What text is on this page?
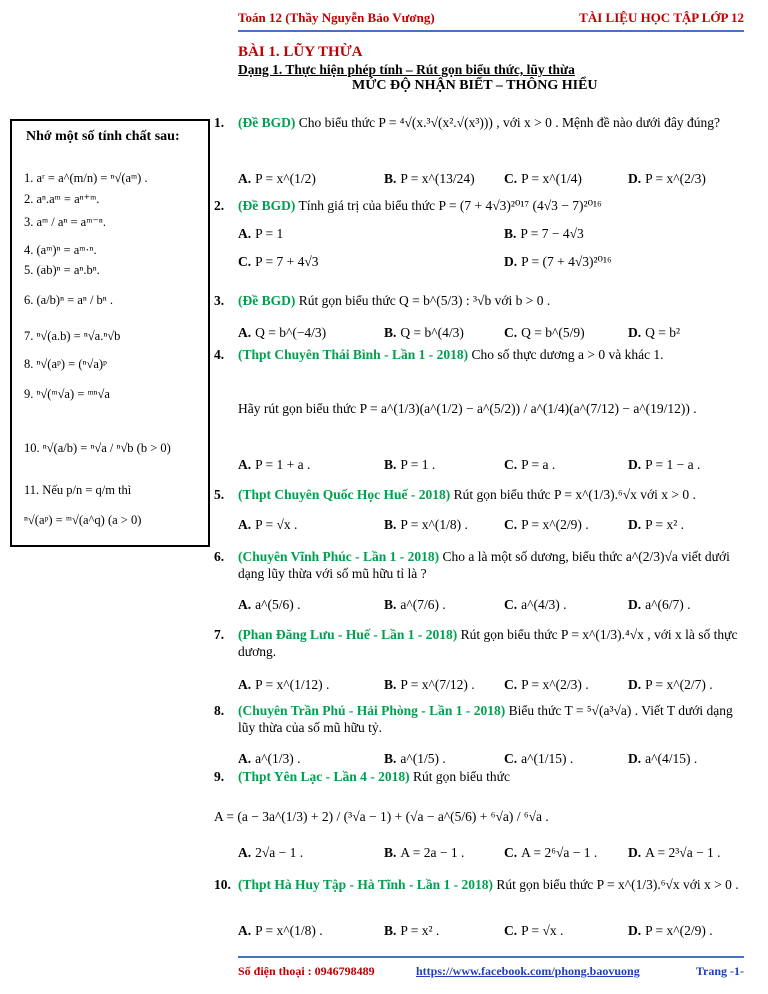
Toán 12 (Thầy Nguyễn Bảo Vương)	TÀI LIỆU HỌC TẬP LỚP 12
BÀI 1. LŨY THỪA
Dạng 1. Thực hiện phép tính – Rút gọn biểu thức, lũy thừa
MỨC ĐỘ NHẬN BIẾT – THÔNG HIỂU
Nhớ một số tính chất sau:
1. aʳ = a^(m/n) = ⁿ√(aᵐ) .
2. aⁿ.aᵐ = aⁿ⁺ᵐ.
3. aᵐ / aⁿ = aᵐ⁻ⁿ.
4. (aᵐ)ⁿ = aᵐ·ⁿ.
5. (ab)ⁿ = aⁿ.bⁿ.
6. (a/b)ⁿ = aⁿ / bⁿ .
7. ⁿ√(a.b) = ⁿ√a.ⁿ√b
8. ⁿ√(aᵖ) = (ⁿ√a)ᵖ
9. ⁿ√(ᵐ√a) = ᵐⁿ√a
10. ⁿ√(a/b) = ⁿ√a / ⁿ√b (b > 0)
11. Nếu p/n = q/m thì
ⁿ√(aᵖ) = ᵐ√(a^q) (a > 0)
1. (Đề BGD) Cho biểu thức P = ⁴√(x.³√(x².√(x³))) , với x > 0 . Mệnh đề nào dưới đây đúng?
A. P = x^(1/2)	B. P = x^(13/24) C. P = x^(1/4)	D. P = x^(2/3)
2. (Đề BGD) Tính giá trị của biểu thức P = (7 + 4√3)²⁰¹⁷ (4√3 − 7)²⁰¹⁶
A. P = 1	B. P = 7 − 4√3
C. P = 7 + 4√3	D. P = (7 + 4√3)²⁰¹⁶
3. (Đề BGD) Rút gọn biểu thức Q = b^(5/3) : ³√b với b > 0 .
A. Q = b^(−4/3)	B. Q = b^(4/3)	C. Q = b^(5/9)	D. Q = b²
4. (Thpt Chuyên Thái Bình - Lần 1 - 2018) Cho số thực dương a > 0 và khác 1.
Hãy rút gọn biểu thức P = a^(1/3)(a^(1/2) − a^(5/2)) / a^(1/4)(a^(7/12) − a^(19/12)) .
A. P = 1 + a .	B. P = 1 .	C. P = a .	D. P = 1 − a .
5. (Thpt Chuyên Quốc Học Huế - 2018) Rút gọn biểu thức P = x^(1/3).⁶√x với x > 0 .
A. P = √x .	B. P = x^(1/8) .	C. P = x^(2/9) .	D. P = x² .
6. (Chuyên Vĩnh Phúc - Lần 1 - 2018) Cho a là một số dương, biểu thức a^(2/3)√a viết dưới dạng lũy thừa với số mũ hữu tỉ là ?
A. a^(5/6) .	B. a^(7/6) .	C. a^(4/3) .	D. a^(6/7) .
7. (Phan Đăng Lưu - Huế - Lần 1 - 2018) Rút gọn biểu thức P = x^(1/3).⁴√x , với x là số thực dương.
A. P = x^(1/12) .	B. P = x^(7/12) . C. P = x^(2/3) .	D. P = x^(2/7) .
8. (Chuyên Trần Phú - Hải Phòng - Lần 1 - 2018) Biểu thức T = ⁵√(a³√a) . Viết T dưới dạng lũy thừa của số mũ hữu tỷ.
A. a^(1/3) .	B. a^(1/5) .	C. a^(1/15) .	D. a^(4/15) .
9. (Thpt Yên Lạc - Lần 4 - 2018) Rút gọn biểu thức
A = (a − 3a^(1/3) + 2) / (³√a − 1) + (√a − a^(5/6) + ⁶√a) / ⁶√a .
A. 2√a − 1 .	B. A = 2a − 1 .	C. A = 2⁶√a − 1 . D. A = 2³√a − 1 .
10. (Thpt Hà Huy Tập - Hà Tĩnh - Lần 1 - 2018) Rút gọn biểu thức P = x^(1/3).⁶√x với x > 0 .
A. P = x^(1/8) .	B. P = x² .	C. P = √x .	D. P = x^(2/9) .
Số điện thoại : 0946798489	https://www.facebook.com/phong.baovuong	Trang -1-
